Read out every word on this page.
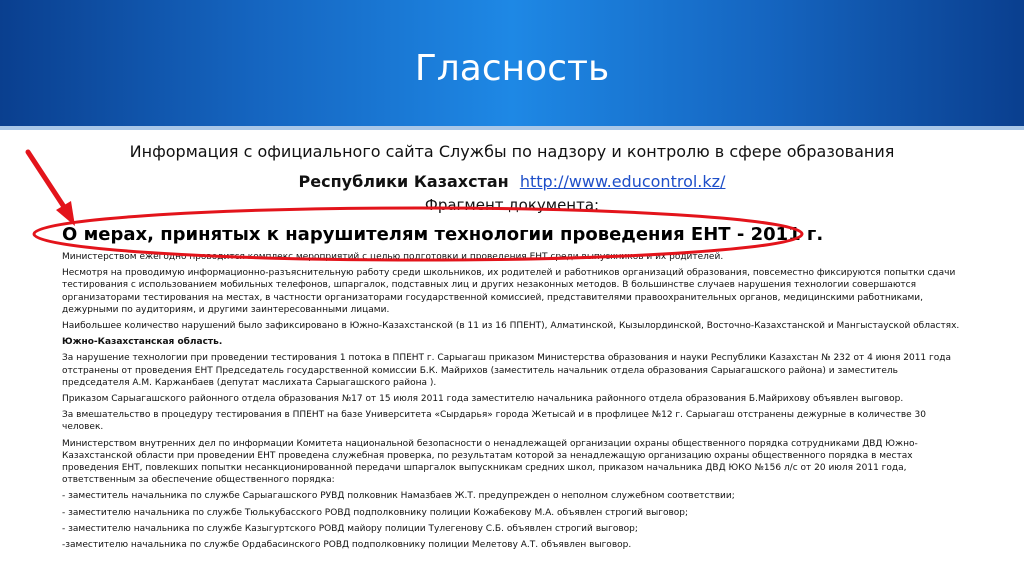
Гласность
Информация с официального сайта Службы по надзору и контролю в сфере образования
Республики Казахстан http://www.educontrol.kz/
Фрагмент документа:
О мерах, принятых к нарушителям технологии проведения ЕНТ - 2011 г.

Министерством ежегодно проводится комплекс мероприятий с целью подготовки и проведения ЕНТ среди выпускников и их родителей.

Несмотря на проводимую информационно-разъяснительную работу среди школьников, их родителей и работников организаций образования, повсеместно фиксируются попытки сдачи тестирования с использованием мобильных телефонов, шпаргалок, подставных лиц и других незаконных методов. В большинстве случаев нарушения технологии совершаются организаторами тестирования на местах, в частности организаторами государственной комиссией, представителями правоохранительных органов, медицинскими работниками, дежурными по аудиториям, и другими заинтересованными лицами.

Наибольшее количество нарушений было зафиксировано в Южно-Казахстанской (в 11 из 16 ППЕНТ), Алматинской, Кызылординской, Восточно-Казахстанской и Мангыстауской областях.

Южно-Казахстанская область.

За нарушение технологии при проведении тестирования 1 потока в ППЕНТ г. Сарыагаш приказом Министерства образования и науки Республики Казахстан № 232 от 4 июня 2011 года отстранены от проведения ЕНТ Председатель государственной комиссии Б.К. Майрихов (заместитель начальник отдела образования Сарыагашского района) и заместитель председателя А.М. Каржанбаев (депутат маслихата Сарыагашского района ).

Приказом Сарыагашского районного отдела образования №17 от 15 июля 2011 года заместителю начальника районного отдела образования Б.Майрихову объявлен выговор.

За вмешательство в процедуру тестирования в ППЕНТ на базе Университета «Сырдарья» города Жетысай и в профлицее №12 г. Сарыагаш отстранены дежурные в количестве 30 человек.

Министерством внутренних дел по информации Комитета национальной безопасности о ненадлежащей организации охраны общественного порядка сотрудниками ДВД Южно-Казахстанской области при проведении ЕНТ проведена служебная проверка, по результатам которой за ненадлежащую организацию охраны общественного порядка в местах проведения ЕНТ, повлекших попытки несанкционированной передачи шпаргалок выпускникам средних школ, приказом начальника ДВД ЮКО №156 л/с от 20 июля 2011 года, ответственным за обеспечение общественного порядка:

- заместитель начальника по службе Сарыагашского РУВД полковник Намазбаев Ж.Т. предупрежден о неполном служебном соответствии;

- заместителю начальника по службе Тюлькубасского РОВД подполковнику полиции Кожабекову М.А. объявлен строгий выговор;

- заместителю начальника по службе Казыгуртского РОВД майору полиции Тулегенову С.Б. объявлен строгий выговор;

-заместителю начальника по службе Ордабасинского РОВД подполковнику полиции Мелетову А.Т. объявлен выговор.
